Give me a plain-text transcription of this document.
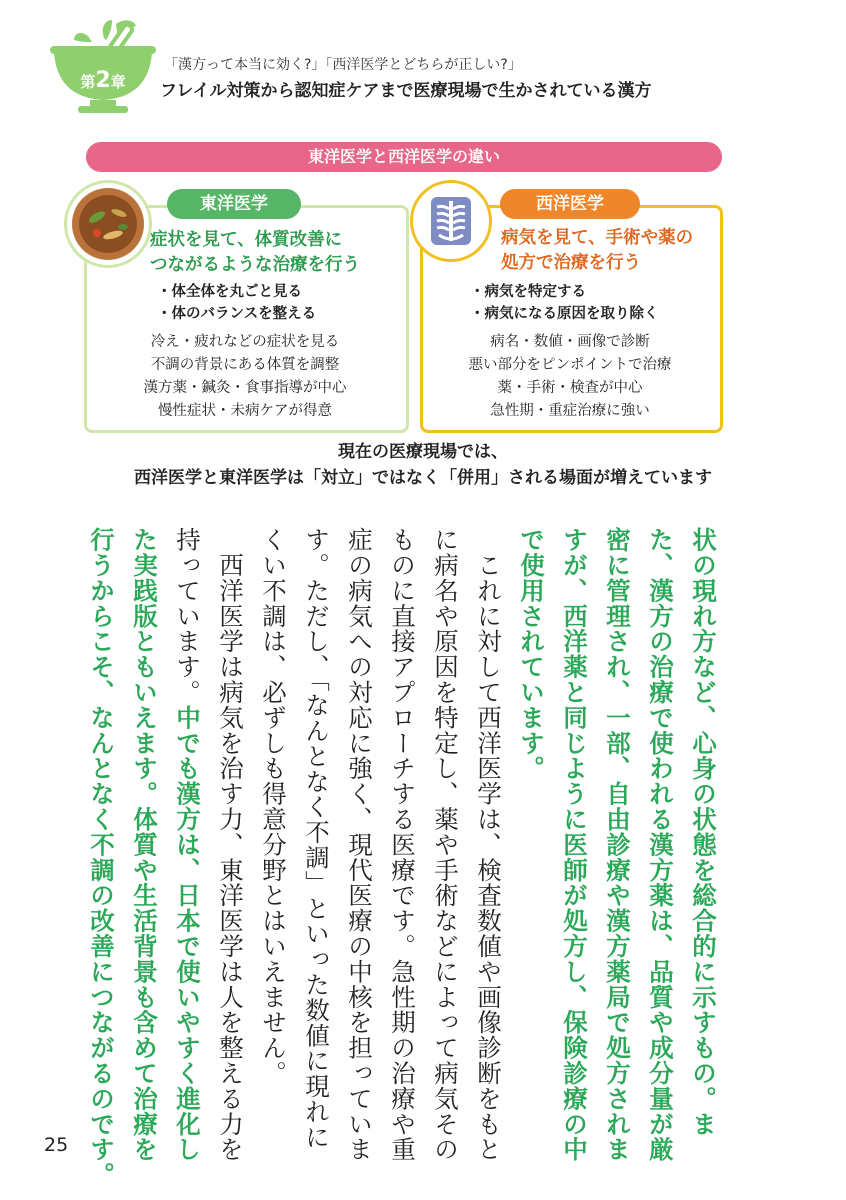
第2章
「漢方って本当に効く?」「西洋医学とどちらが正しい?」
フレイル対策から認知症ケアまで医療現場で生かされている漢方
東洋医学と西洋医学の違い
東洋医学	西洋医学
症状を見て、体質改善に
つながるような治療を行う
病気を見て、手術や薬の
処方で治療を行う
・体全体を丸ごと見る
・体のバランスを整える
・病気を特定する
・病気になる原因を取り除く
冷え・疲れなどの症状を見る
不調の背景にある体質を調整
漢方薬・鍼灸・食事指導が中心
慢性症状・未病ケアが得意
病名・数値・画像で診断
悪い部分をピンポイントで治療
薬・手術・検査が中心
急性期・重症治療に強い
現在の医療現場では、
西洋医学と東洋医学は「対立」ではなく「併用」される場面が増えています
状の現れ方など、心身の状態を総合的に示すもの。ま
た、漢方の治療で使われる漢方薬は、品質や成分量が厳
密に管理され、一部、自由診療や漢方薬局で処方されま
すが、西洋薬と同じように医師が処方し、保険診療の中
で使用されています。
　これに対して西洋医学は、検査数値や画像診断をもと
に病名や原因を特定し、薬や手術などによって病気その
ものに直接アプローチする医療です。急性期の治療や重
症の病気への対応に強く、現代医療の中核を担っていま
す。ただし、「なんとなく不調」といった数値に現れに
くい不調は、必ずしも得意分野とはいえません。
　西洋医学は病気を治す力、東洋医学は人を整える力を
持っています。中でも漢方は、日本で使いやすく進化し
た実践版ともいえます。体質や生活背景も含めて治療を
行うからこそ、なんとなく不調の改善につながるのです。
25
